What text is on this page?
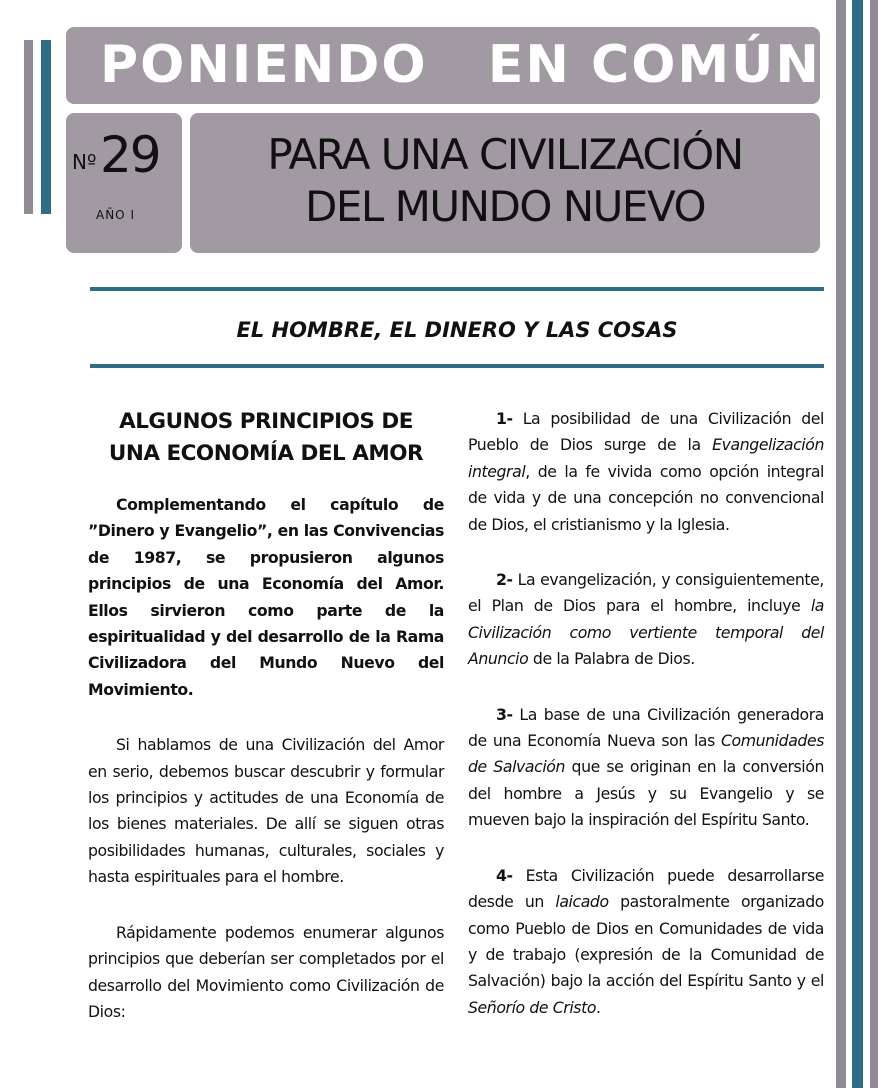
PONIENDO   EN COMÚN
Nº 29
AÑO I
PARA UNA CIVILIZACIÓN
DEL MUNDO NUEVO
EL HOMBRE, EL DINERO Y LAS COSAS
ALGUNOS PRINCIPIOS DE
UNA ECONOMÍA DEL AMOR

Complementando el capítulo de ”Dinero y Evangelio”, en las Convivencias de 1987, se propusieron algunos principios de una Economía del Amor. Ellos sirvieron como parte de la espiritualidad y del desarrollo de la Rama Civilizadora del Mundo Nuevo del Movimiento.

Si hablamos de una Civilización del Amor en serio, debemos buscar descubrir y formular los principios y actitudes de una Economía de los bienes materiales. De allí se siguen otras posibilidades humanas, culturales, sociales y hasta espirituales para el hombre.

Rápidamente podemos enumerar algunos principios que deberían ser completados por el desarrollo del Movimiento como Civilización de Dios:

1- La posibilidad de una Civilización del Pueblo de Dios surge de la Evangelización integral, de la fe vivida como opción integral de vida y de una concepción no convencional de Dios, el cristianismo y la Iglesia.

2- La evangelización, y consiguientemente, el Plan de Dios para el hombre, incluye la Civilización como vertiente temporal del Anuncio de la Palabra de Dios.

3- La base de una Civilización generadora de una Economía Nueva son las Comunidades de Salvación que se originan en la conversión del hombre a Jesús y su Evangelio y se mueven bajo la inspiración del Espíritu Santo.

4- Esta Civilización puede desarrollarse desde un laicado pastoralmente organizado como Pueblo de Dios en Comunidades de vida y de trabajo (expresión de la Comunidad de Salvación) bajo la acción del Espíritu Santo y el Señorío de Cristo.
